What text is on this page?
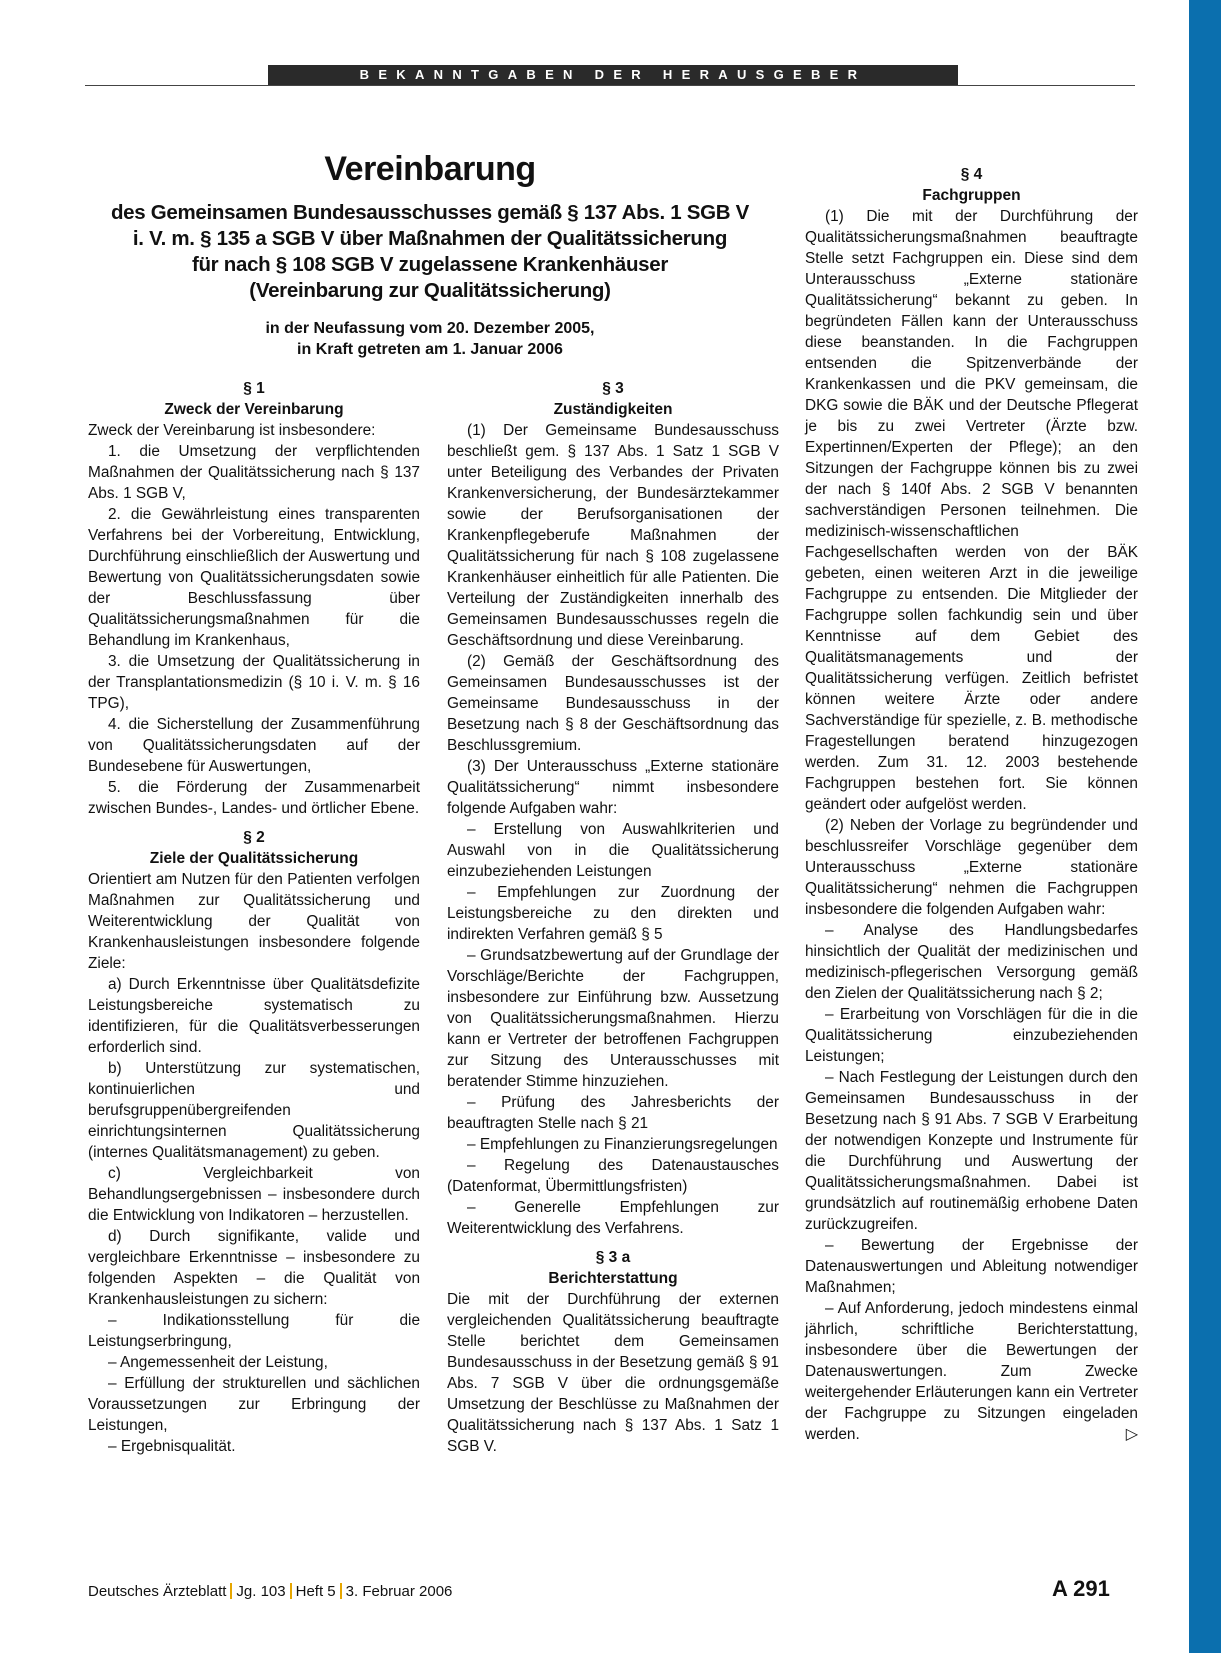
BEKANNTGABEN DER HERAUSGEBER
Vereinbarung
des Gemeinsamen Bundesausschusses gemäß § 137 Abs. 1 SGB V
i. V. m. § 135 a SGB V über Maßnahmen der Qualitätssicherung
für nach § 108 SGB V zugelassene Krankenhäuser
(Vereinbarung zur Qualitätssicherung)
in der Neufassung vom 20. Dezember 2005,
in Kraft getreten am 1. Januar 2006

§ 1

Zweck der Vereinbarung

Zweck der Vereinbarung ist insbesondere:

1. die Umsetzung der verpflichtenden Maßnahmen der Qualitätssicherung nach § 137 Abs. 1 SGB V,

2. die Gewährleistung eines transparenten Verfahrens bei der Vorbereitung, Entwicklung, Durchführung einschließlich der Auswertung und Bewertung von Qualitätssicherungsdaten sowie der Beschlussfassung über Qualitätssicherungsmaßnahmen für die Behandlung im Krankenhaus,

3. die Umsetzung der Qualitätssicherung in der Transplantationsmedizin (§ 10 i. V. m. § 16 TPG),

4. die Sicherstellung der Zusammenführung von Qualitätssicherungsdaten auf der Bundesebene für Auswertungen,

5. die Förderung der Zusammenarbeit zwischen Bundes-, Landes- und örtlicher Ebene.

§ 2

Ziele der Qualitätssicherung

Orientiert am Nutzen für den Patienten verfolgen Maßnahmen zur Qualitätssicherung und Weiterentwicklung der Qualität von Krankenhausleistungen insbesondere folgende Ziele:

a) Durch Erkenntnisse über Qualitätsdefizite Leistungsbereiche systematisch zu identifizieren, für die Qualitätsverbesserungen erforderlich sind.

b) Unterstützung zur systematischen, kontinuierlichen und berufsgruppenübergreifenden einrichtungsinternen Qualitätssicherung (internes Qualitätsmanagement) zu geben.

c) Vergleichbarkeit von Behandlungsergebnissen – insbesondere durch die Entwicklung von Indikatoren – herzustellen.

d) Durch signifikante, valide und vergleichbare Erkenntnisse – insbesondere zu folgenden Aspekten – die Qualität von Krankenhausleistungen zu sichern:

– Indikationsstellung für die Leistungserbringung,

– Angemessenheit der Leistung,

– Erfüllung der strukturellen und sächlichen Voraussetzungen zur Erbringung der Leistungen,

– Ergebnisqualität.

§ 3

Zuständigkeiten

(1) Der Gemeinsame Bundesausschuss beschließt gem. § 137 Abs. 1 Satz 1 SGB V unter Beteiligung des Verbandes der Privaten Krankenversicherung, der Bundesärztekammer sowie der Berufsorganisationen der Krankenpflegeberufe Maßnahmen der Qualitätssicherung für nach § 108 zugelassene Krankenhäuser einheitlich für alle Patienten. Die Verteilung der Zuständigkeiten innerhalb des Gemeinsamen Bundesausschusses regeln die Geschäftsordnung und diese Vereinbarung.

(2) Gemäß der Geschäftsordnung des Gemeinsamen Bundesausschusses ist der Gemeinsame Bundesausschuss in der Besetzung nach § 8 der Geschäftsordnung das Beschlussgremium.

(3) Der Unterausschuss „Externe stationäre Qualitätssicherung“ nimmt insbesondere folgende Aufgaben wahr:

– Erstellung von Auswahlkriterien und Auswahl von in die Qualitätssicherung einzubeziehenden Leistungen

– Empfehlungen zur Zuordnung der Leistungsbereiche zu den direkten und indirekten Verfahren gemäß § 5

– Grundsatzbewertung auf der Grundlage der Vorschläge/Berichte der Fachgruppen, insbesondere zur Einführung bzw. Aussetzung von Qualitätssicherungsmaßnahmen. Hierzu kann er Vertreter der betroffenen Fachgruppen zur Sitzung des Unterausschusses mit beratender Stimme hinzuziehen.

– Prüfung des Jahresberichts der beauftragten Stelle nach § 21

– Empfehlungen zu Finanzierungsregelungen

– Regelung des Datenaustausches (Datenformat, Übermittlungsfristen)

– Generelle Empfehlungen zur Weiterentwicklung des Verfahrens.

§ 3 a

Berichterstattung

Die mit der Durchführung der externen vergleichenden Qualitätssicherung beauftragte Stelle berichtet dem Gemeinsamen Bundesausschuss in der Besetzung gemäß § 91 Abs. 7 SGB V über die ordnungsgemäße Umsetzung der Beschlüsse zu Maßnahmen der Qualitätssicherung nach § 137 Abs. 1 Satz 1 SGB V.

§ 4

Fachgruppen

(1) Die mit der Durchführung der Qualitätssicherungsmaßnahmen beauftragte Stelle setzt Fachgruppen ein. Diese sind dem Unterausschuss „Externe stationäre Qualitätssicherung“ bekannt zu geben. In begründeten Fällen kann der Unterausschuss diese beanstanden. In die Fachgruppen entsenden die Spitzenverbände der Krankenkassen und die PKV gemeinsam, die DKG sowie die BÄK und der Deutsche Pflegerat je bis zu zwei Vertreter (Ärzte bzw. Expertinnen/Experten der Pflege); an den Sitzungen der Fachgruppe können bis zu zwei der nach § 140f Abs. 2 SGB V benannten sachverständigen Personen teilnehmen. Die medizinisch-wissenschaftlichen Fachgesellschaften werden von der BÄK gebeten, einen weiteren Arzt in die jeweilige Fachgruppe zu entsenden. Die Mitglieder der Fachgruppe sollen fachkundig sein und über Kenntnisse auf dem Gebiet des Qualitätsmanagements und der Qualitätssicherung verfügen. Zeitlich befristet können weitere Ärzte oder andere Sachverständige für spezielle, z. B. methodische Fragestellungen beratend hinzugezogen werden. Zum 31. 12. 2003 bestehende Fachgruppen bestehen fort. Sie können geändert oder aufgelöst werden.

(2) Neben der Vorlage zu begründender und beschlussreifer Vorschläge gegenüber dem Unterausschuss „Externe stationäre Qualitätssicherung“ nehmen die Fachgruppen insbesondere die folgenden Aufgaben wahr:

– Analyse des Handlungsbedarfes hinsichtlich der Qualität der medizinischen und medizinisch-pflegerischen Versorgung gemäß den Zielen der Qualitätssicherung nach § 2;

– Erarbeitung von Vorschlägen für die in die Qualitätssicherung einzubeziehenden Leistungen;

– Nach Festlegung der Leistungen durch den Gemeinsamen Bundesausschuss in der Besetzung nach § 91 Abs. 7 SGB V Erarbeitung der notwendigen Konzepte und Instrumente für die Durchführung und Auswertung der Qualitätssicherungsmaßnahmen. Dabei ist grundsätzlich auf routinemäßig erhobene Daten zurückzugreifen.

– Bewertung der Ergebnisse der Datenauswertungen und Ableitung notwendiger Maßnahmen;

– Auf Anforderung, jedoch mindestens einmal jährlich, schriftliche Berichterstattung, insbesondere über die Bewertungen der Datenauswertungen. Zum Zwecke weitergehender Erläuterungen kann ein Vertreter der Fachgruppe zu Sitzungen eingeladen werden.	▷
Deutsches Ärzteblatt Jg. 103 Heft 5 3. Februar 2006	A 291
